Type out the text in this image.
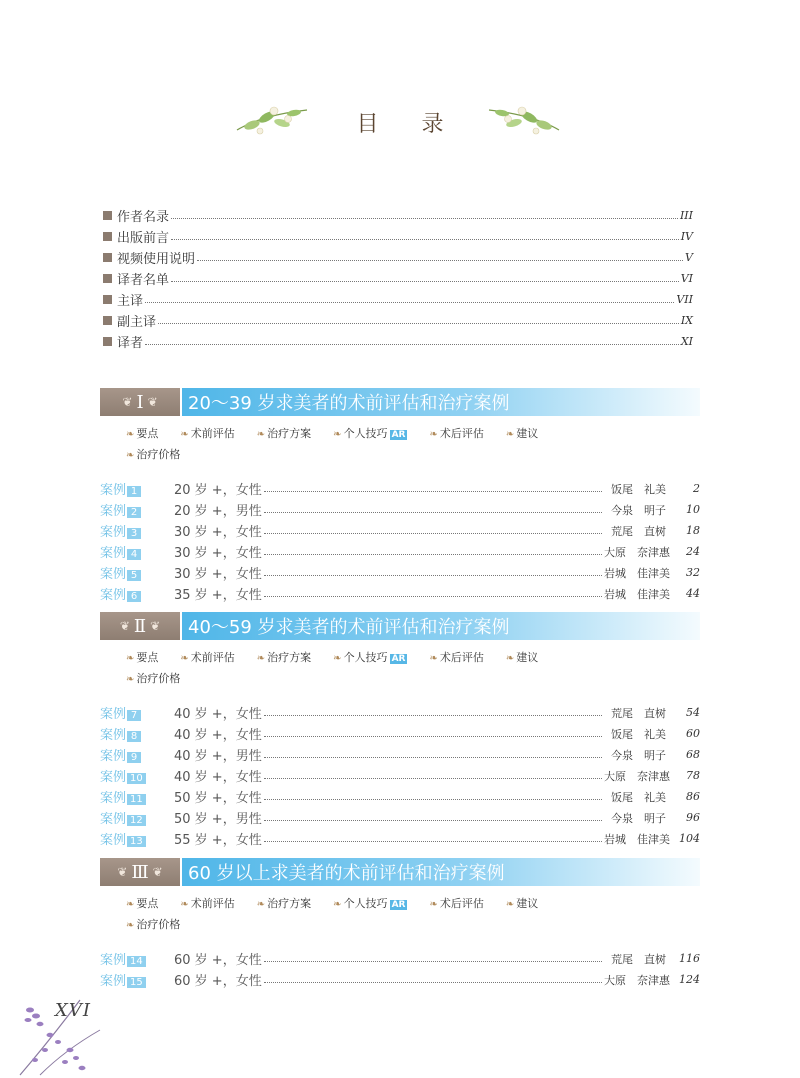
目 录
作者名录	III
出版前言	IV
视频使用说明	V
译者名单	VI
主译	VII
副主译	IX
译者	XI
❦ Ⅰ ❦	20～39 岁求美者的术前评估和治疗案例
❧ 要点 ❧ 术前评估 ❧ 治疗方案 ❧ 个人技巧 AR ❧ 术后评估 ❧ 建议❧ 治疗价格
案例 1	20 岁 +，女性	饭尾　礼美	2
案例 2	20 岁 +，男性	今泉　明子	10
案例 3	30 岁 +，女性	荒尾　直树	18
案例 4	30 岁 +，女性	大原　奈津惠	24
案例 5	30 岁 +，女性	岩城　佳津美	32
案例 6	35 岁 +，女性	岩城　佳津美	44
❦ Ⅱ ❦	40～59 岁求美者的术前评估和治疗案例
❧ 要点 ❧ 术前评估 ❧ 治疗方案 ❧ 个人技巧 AR ❧ 术后评估 ❧ 建议❧ 治疗价格
案例 7	40 岁 +，女性	荒尾　直树	54
案例 8	40 岁 +，女性	饭尾　礼美	60
案例 9	40 岁 +，男性	今泉　明子	68
案例 10	40 岁 +，女性	大原　奈津惠	78
案例 11	50 岁 +，女性	饭尾　礼美	86
案例 12	50 岁 +，男性	今泉　明子	96
案例 13	55 岁 +，女性	岩城　佳津美 104
❦ Ⅲ ❦	60 岁以上求美者的术前评估和治疗案例
❧ 要点 ❧ 术前评估 ❧ 治疗方案 ❧ 个人技巧 AR ❧ 术后评估 ❧ 建议❧ 治疗价格
案例 14	60 岁 +，女性	荒尾　直树	116
案例 15	60 岁 +，女性	大原　奈津惠 124
XVI
